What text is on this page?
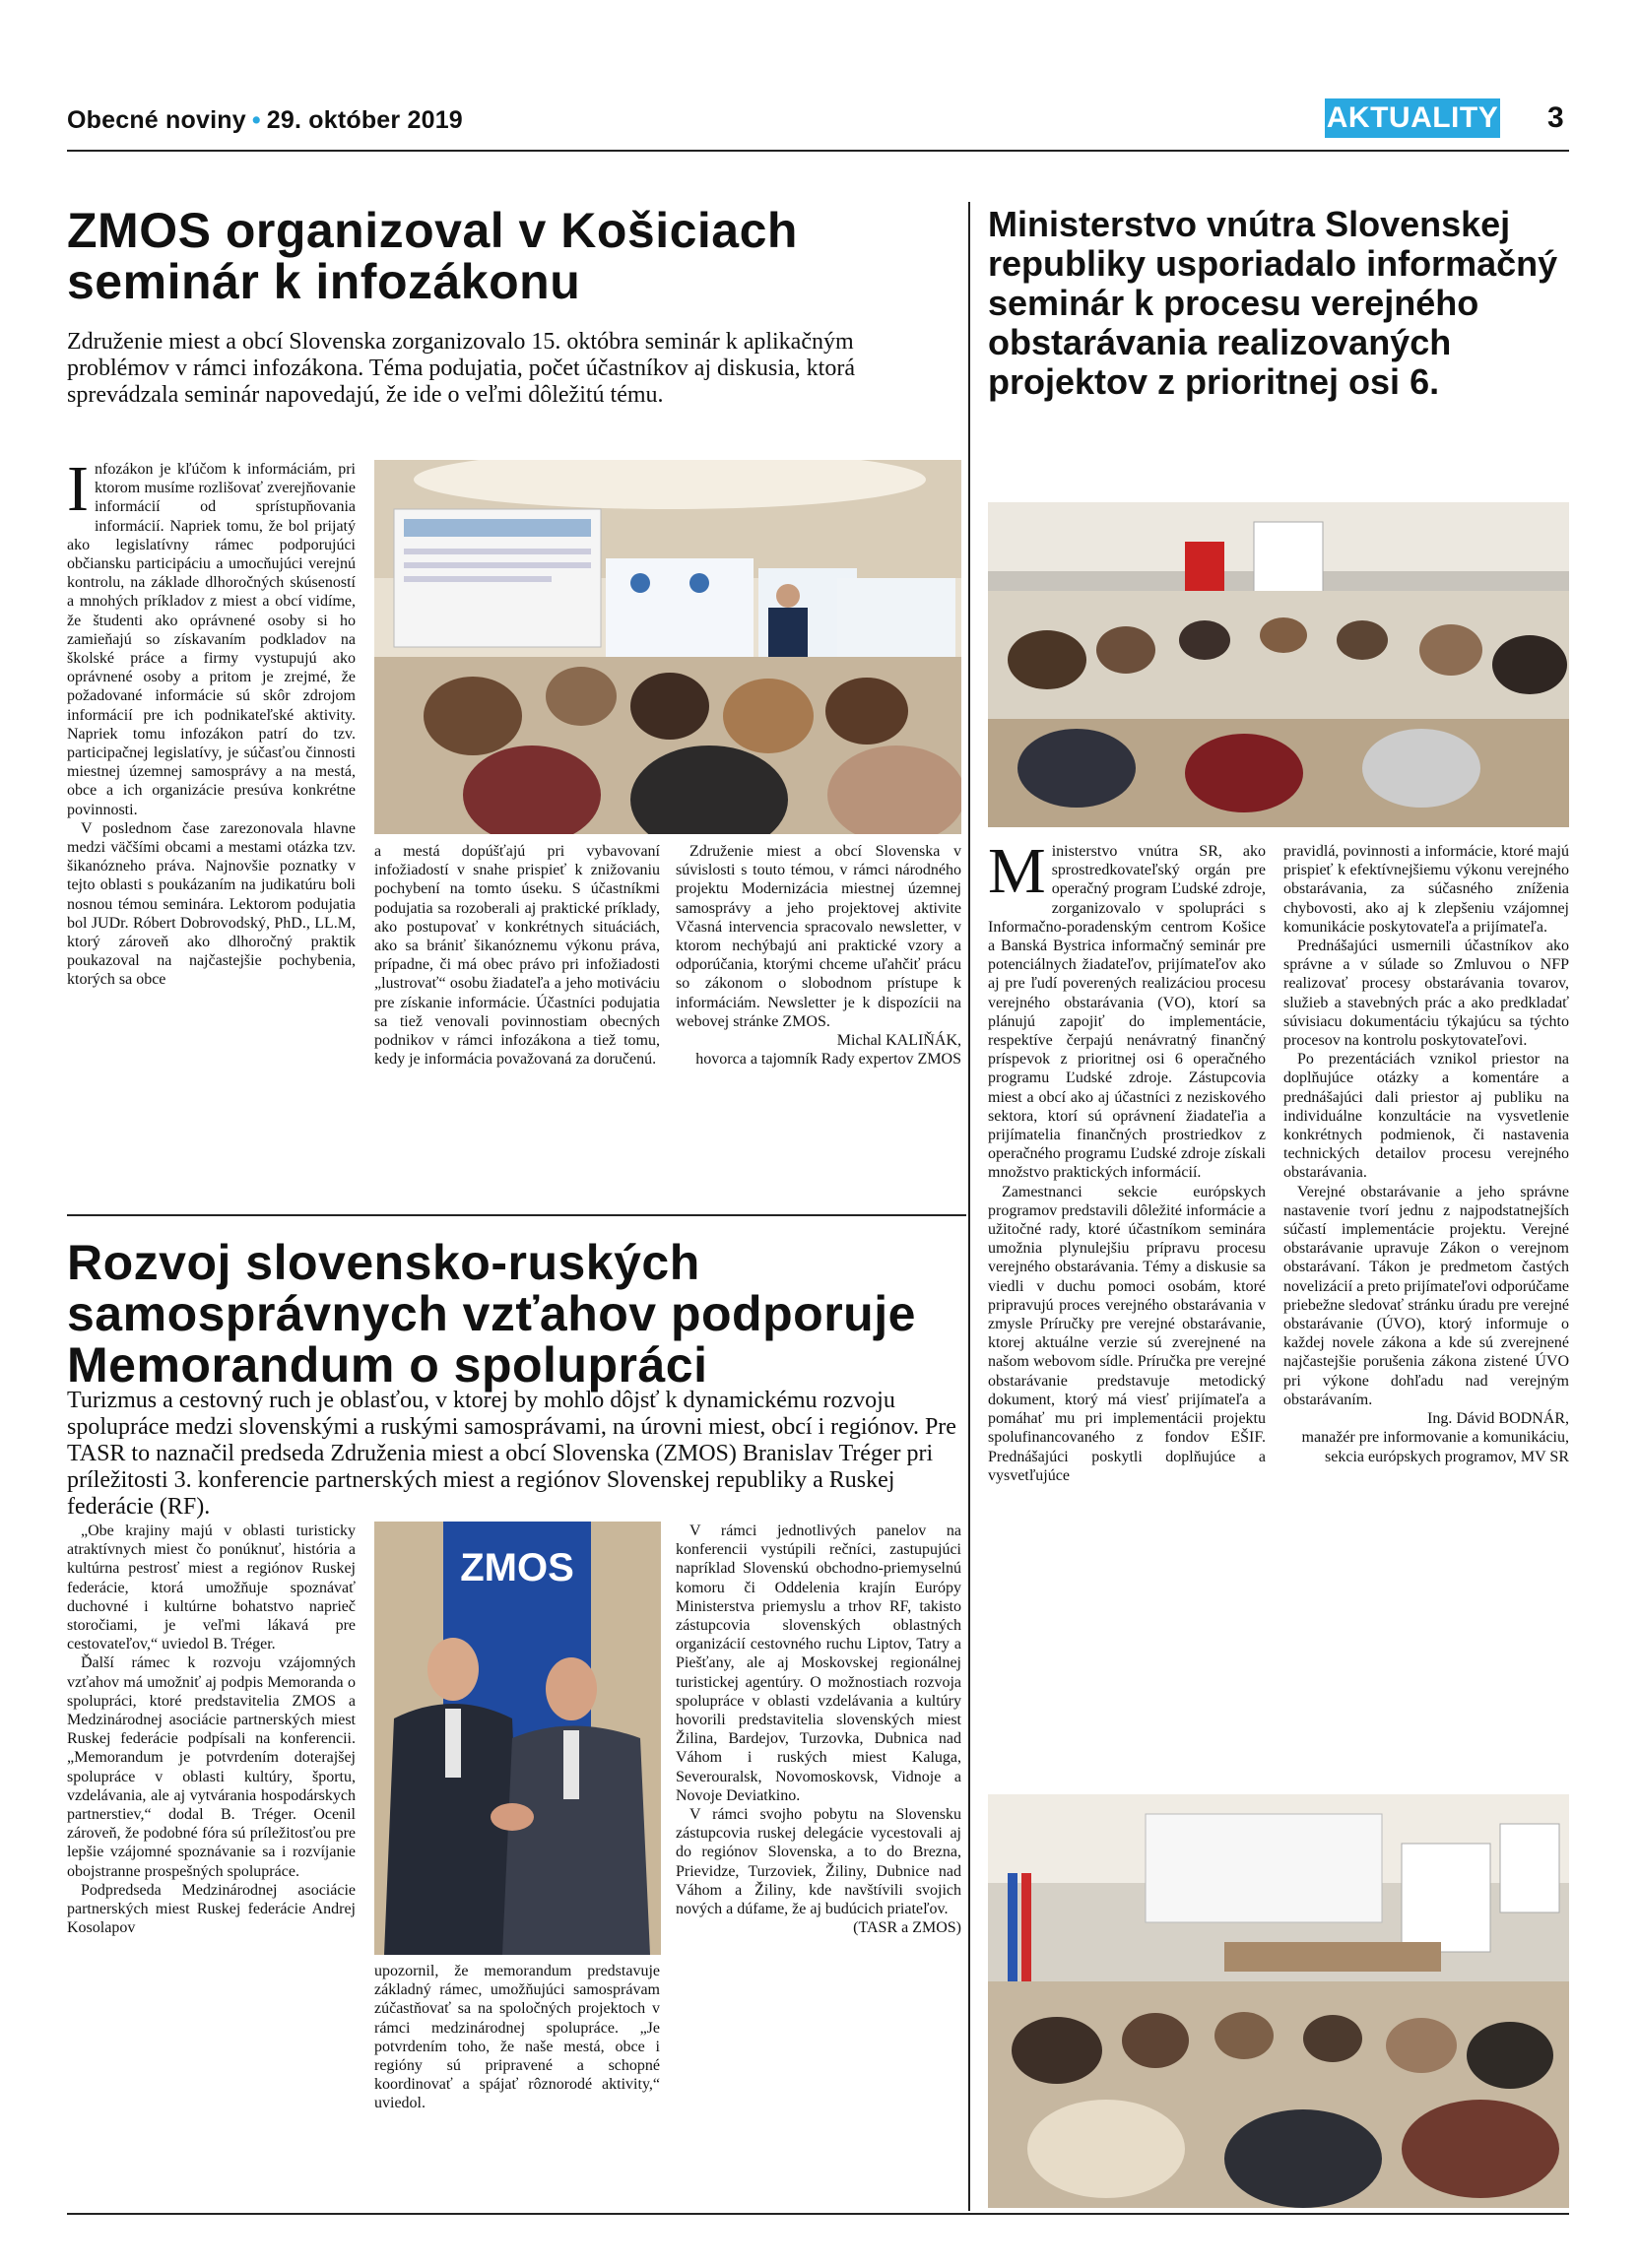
Obecné noviny • 29. október 2019	AKTUALITY 3
ZMOS organizoval v Košiciach seminár k infozákonu

Združenie miest a obcí Slovenska zorganizovalo 15. októbra seminár k aplikačným problémov v rámci infozákona. Téma podujatia, počet účastníkov aj diskusia, ktorá sprevádzala seminár napovedajú, že ide o veľmi dôležitú tému.

Infozákon je kľúčom k informáciám, pri ktorom musíme rozlišovať zverejňovanie informácií od sprístupňovania informácií. Napriek tomu, že bol prijatý ako legislatívny rámec podporujúci občiansku participáciu a umocňujúci verejnú kontrolu, na základe dlhoročných skúseností a mnohých príkladov z miest a obcí vidíme, že študenti ako oprávnené osoby si ho zamieňajú so získavaním podkladov na školské práce a firmy vystupujú ako oprávnené osoby a pritom je zrejmé, že požadované informácie sú skôr zdrojom informácií pre ich podnikateľské aktivity. Napriek tomu infozákon patrí do tzv. participačnej legislatívy, je súčasťou činnosti miestnej územnej samosprávy a na mestá, obce a ich organizácie presúva konkrétne povinnosti.

V poslednom čase zarezonovala hlavne medzi väčšími obcami a mestami otázka tzv. šikanózneho práva. Najnovšie poznatky v tejto oblasti s poukázaním na judikatúru boli nosnou témou seminára. Lektorom podujatia bol JUDr. Róbert Dobrovodský, PhD., LL.M, ktorý zároveň ako dlhoročný praktik poukazoval na najčastejšie pochybenia, ktorých sa obce

a mestá dopúšťajú pri vybavovaní infožiadostí v snahe prispieť k znižovaniu pochybení na tomto úseku. S účastníkmi podujatia sa rozoberali aj praktické príklady, ako postupovať v konkrétnych situáciách, ako sa brániť šikanóznemu výkonu práva, prípadne, či má obec právo pri infožiadosti „lustrovať“ osobu žiadateľa a jeho motiváciu pre získanie informácie. Účastníci podujatia sa tiež venovali povinnostiam obecných podnikov v rámci infozákona a tiež tomu, kedy je informácia považovaná za doručenú.

Združenie miest a obcí Slovenska v súvislosti s touto témou, v rámci národného projektu Modernizácia miestnej územnej samosprávy a jeho projektovej aktivite Včasná intervencia spracovalo newsletter, v ktorom nechýbajú ani praktické vzory a odporúčania, ktorými chceme uľahčiť prácu so zákonom o slobodnom prístupe k informáciám. Newsletter je k dispozícii na webovej stránke ZMOS.

Michal KALIŇÁK,

hovorca a tajomník Rady expertov ZMOS

Rozvoj slovensko-ruských samosprávnych vzťahov podporuje Memorandum o spolupráci

Turizmus a cestovný ruch je oblasťou, v ktorej by mohlo dôjsť k dynamickému rozvoju spolupráce medzi slovenskými a ruskými samosprávami, na úrovni miest, obcí i regiónov. Pre TASR to naznačil predseda Združenia miest a obcí Slovenska (ZMOS) Branislav Tréger pri príležitosti 3. konferencie partnerských miest a regiónov Slovenskej republiky a Ruskej federácie (RF).

„Obe krajiny majú v oblasti turisticky atraktívnych miest čo ponúknuť, história a kultúrna pestrosť miest a regiónov Ruskej federácie, ktorá umožňuje spoznávať duchovné i kultúrne bohatstvo naprieč storočiami, je veľmi lákavá pre cestovateľov,“ uviedol B. Tréger.

Ďalší rámec k rozvoju vzájomných vzťahov má umožniť aj podpis Memoranda o spolupráci, ktoré predstavitelia ZMOS a Medzinárodnej asociácie partnerských miest Ruskej federácie podpísali na konferencii. „Memorandum je potvrdením doterajšej spolupráce v oblasti kultúry, športu, vzdelávania, ale aj vytvárania hospodárskych partnerstiev,“ dodal B. Tréger. Ocenil zároveň, že podobné fóra sú príležitosťou pre lepšie vzájomné spoznávanie sa i rozvíjanie obojstranne prospešných spolupráce.

Podpredseda Medzinárodnej asociácie partnerských miest Ruskej federácie Andrej Kosolapov

ZMOS

upozornil, že memorandum predstavuje základný rámec, umožňujúci samosprávam zúčastňovať sa na spoločných projektoch v rámci medzinárodnej spolupráce. „Je potvrdením toho, že naše mestá, obce i regióny sú pripravené a schopné koordinovať a spájať rôznorodé aktivity,“ uviedol.

V rámci jednotlivých panelov na konferencii vystúpili rečníci, zastupujúci napríklad Slovenskú obchodno-priemyselnú komoru či Oddelenia krajín Európy Ministerstva priemyslu a trhov RF, takisto zástupcovia slovenských oblastných organizácií cestovného ruchu Liptov, Tatry a Piešťany, ale aj Moskovskej regionálnej turistickej agentúry. O možnostiach rozvoja spolupráce v oblasti vzdelávania a kultúry hovorili predstavitelia slovenských miest Žilina, Bardejov, Turzovka, Dubnica nad Váhom i ruských miest Kaluga, Severouralsk, Novomoskovsk, Vidnoje a Novoje Deviatkino.

V rámci svojho pobytu na Slovensku zástupcovia ruskej delegácie vycestovali aj do regiónov Slovenska, a to do Brezna, Prievidze, Turzoviek, Žiliny, Dubnice nad Váhom a Žiliny, kde navštívili svojich nových a dúfame, že aj budúcich priateľov.

(TASR a ZMOS)

Ministerstvo vnútra Slovenskej republiky usporiadalo informačný seminár k procesu verejného obstarávania realizovaných projektov z prioritnej osi 6.

Ministerstvo vnútra SR, ako sprostredkovateľský orgán pre operačný program Ľudské zdroje, zorganizovalo v spolupráci s Informačno-poradenským centrom Košice a Banská Bystrica informačný seminár pre potenciálnych žiadateľov, prijímateľov ako aj pre ľudí poverených realizáciou procesu verejného obstarávania (VO), ktorí sa plánujú zapojiť do implementácie, respektíve čerpajú nenávratný finančný príspevok z prioritnej osi 6 operačného programu Ľudské zdroje. Zástupcovia miest a obcí ako aj účastníci z neziskového sektora, ktorí sú oprávnení žiadateľia a prijímatelia finančných prostriedkov z operačného programu Ľudské zdroje získali množstvo praktických informácií.

Zamestnanci sekcie európskych programov predstavili dôležité informácie a užitočné rady, ktoré účastníkom seminára umožnia plynulejšiu prípravu procesu verejného obstarávania. Témy a diskusie sa viedli v duchu pomoci osobám, ktoré pripravujú proces verejného obstarávania v zmysle Príručky pre verejné obstarávanie, ktorej aktuálne verzie sú zverejnené na našom webovom sídle. Príručka pre verejné obstarávanie predstavuje metodický dokument, ktorý má viesť prijímateľa a pomáhať mu pri implementácii projektu spolufinancovaného z fondov EŠIF. Prednášajúci poskytli doplňujúce a vysvetľujúce

pravidlá, povinnosti a informácie, ktoré majú prispieť k efektívnejšiemu výkonu verejného obstarávania, za súčasného zníženia chybovosti, ako aj k zlepšeniu vzájomnej komunikácie poskytovateľa a prijímateľa.

Prednášajúci usmernili účastníkov ako správne a v súlade so Zmluvou o NFP realizovať procesy obstarávania tovarov, služieb a stavebných prác a ako predkladať súvisiacu dokumentáciu týkajúcu sa týchto procesov na kontrolu poskytovateľovi.

Po prezentáciách vznikol priestor na doplňujúce otázky a komentáre a prednášajúci dali priestor aj publiku na individuálne konzultácie na vysvetlenie konkrétnych podmienok, či nastavenia technických detailov procesu verejného obstarávania.

Verejné obstarávanie a jeho správne nastavenie tvorí jednu z najpodstatnejších súčastí implementácie projektu. Verejné obstarávanie upravuje Zákon o verejnom obstarávaní. Tákon je predmetom častých novelizácií a preto prijímateľovi odporúčame priebežne sledovať stránku úradu pre verejné obstarávanie (ÚVO), ktorý informuje o každej novele zákona a kde sú zverejnené najčastejšie porušenia zákona zistené ÚVO pri výkone dohľadu nad verejným obstarávaním.

Ing. Dávid BODNÁR,

manažér pre informovanie a komunikáciu, sekcia európskych programov, MV SR
